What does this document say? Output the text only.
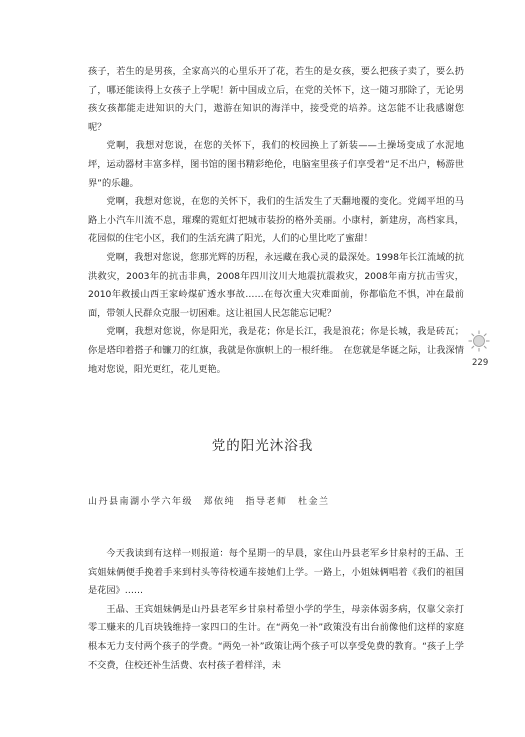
孩子，若生的是男孩，全家高兴的心里乐开了花，若生的是女孩，要么把孩子卖了，要么扔了，哪还能读得上女孩子上学呢！新中国成立后，在党的关怀下，这一随习那除了，无论男孩女孩都能走进知识的大门，遨游在知识的海洋中，接受党的培养。这怎能不让我感谢您呢？

党啊，我想对您说，在您的关怀下，我们的校园换上了新装——土操场变成了水泥地坪，运动器材丰富多样，图书馆的图书精彩绝伦，电脑室里孩子们享受着“足不出户，畅游世界”的乐趣。

党啊，我想对您说，在您的关怀下，我们的生活发生了天翻地覆的变化。党阔平坦的马路上小汽车川流不息，璀璨的霓虹灯把城市装扮的格外美丽。小康村，新建房，高档家具，花园似的住宅小区，我们的生活充满了阳光，人们的心里比吃了蜜甜！

党啊，我想对您说，您那光辉的历程，永远藏在我心灵的最深处。1998年长江流域的抗洪救灾，2003年的抗击非典，2008年四川汶川大地震抗震救灾，2008年南方抗击雪灾，2010年救援山西王家岭煤矿透水事故……在每次重大灾难面前，你都临危不惧，冲在最前面，带领人民群众克服一切困难。这让祖国人民怎能忘记呢？

党啊，我想对您说，你是阳光，我是花；你是长江，我是浪花；你是长城，我是砖瓦；你是塔印着搭子和镰刀的红旗，我就是你旗帜上的一根纤维。　在您就是华诞之际，让我深情地对您说，阳光更红，花儿更艳。

229
党的阳光沐浴我
山丹县南湖小学六年级　郑依纯　指导老师　杜金兰

今天我读到有这样一则报道：每个星期一的早晨，家住山丹县老军乡甘泉村的王晶、王宾姐妹俩便手挽着手来到村头等待校通车接她们上学。一路上，小姐妹俩唱着《我们的祖国是花园》……

王晶、王宾姐妹俩是山丹县老军乡甘泉村希望小学的学生，母亲体弱多病，仅靠父亲打零工赚来的几百块钱维持一家四口的生计。在“两免一补”政策没有出台前像他们这样的家庭根本无力支付两个孩子的学费。“两免一补”政策让两个孩子可以享受免费的教育。“孩子上学不交费，住校还补生活费、农村孩子着样洋，未
